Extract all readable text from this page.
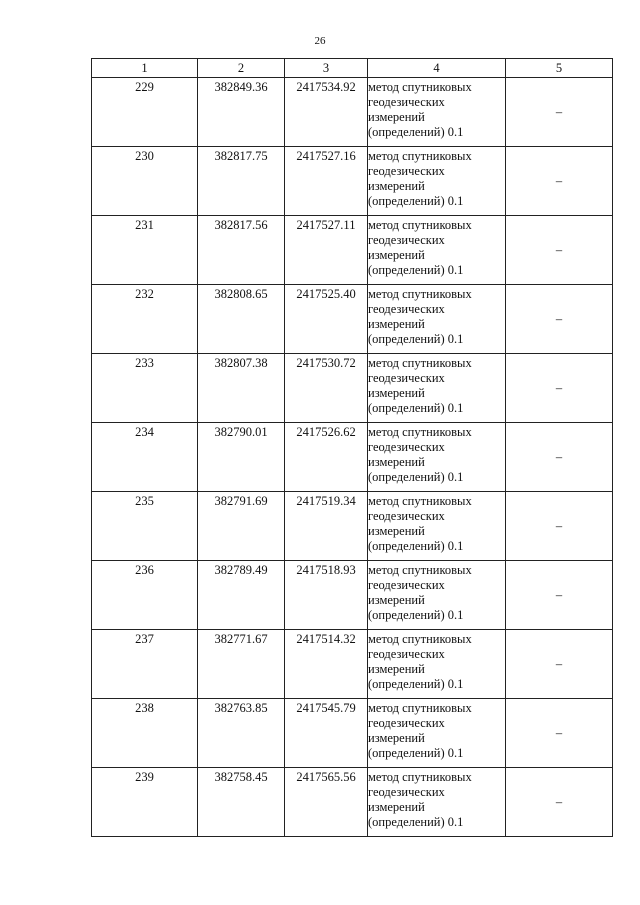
26
1	2	3	4	5
229	382849.36	2417534.92	метод спутниковых
геодезических
измерений
(определений) 0.1	–
230	382817.75	2417527.16	метод спутниковых
геодезических
измерений
(определений) 0.1	–
231	382817.56	2417527.11	метод спутниковых
геодезических
измерений
(определений) 0.1	–
232	382808.65	2417525.40	метод спутниковых
геодезических
измерений
(определений) 0.1	–
233	382807.38	2417530.72	метод спутниковых
геодезических
измерений
(определений) 0.1	–
234	382790.01	2417526.62	метод спутниковых
геодезических
измерений
(определений) 0.1	–
235	382791.69	2417519.34	метод спутниковых
геодезических
измерений
(определений) 0.1	–
236	382789.49	2417518.93	метод спутниковых
геодезических
измерений
(определений) 0.1	–
237	382771.67	2417514.32	метод спутниковых
геодезических
измерений
(определений) 0.1	–
238	382763.85	2417545.79	метод спутниковых
геодезических
измерений
(определений) 0.1	–
239	382758.45	2417565.56	метод спутниковых
геодезических
измерений
(определений) 0.1	–
